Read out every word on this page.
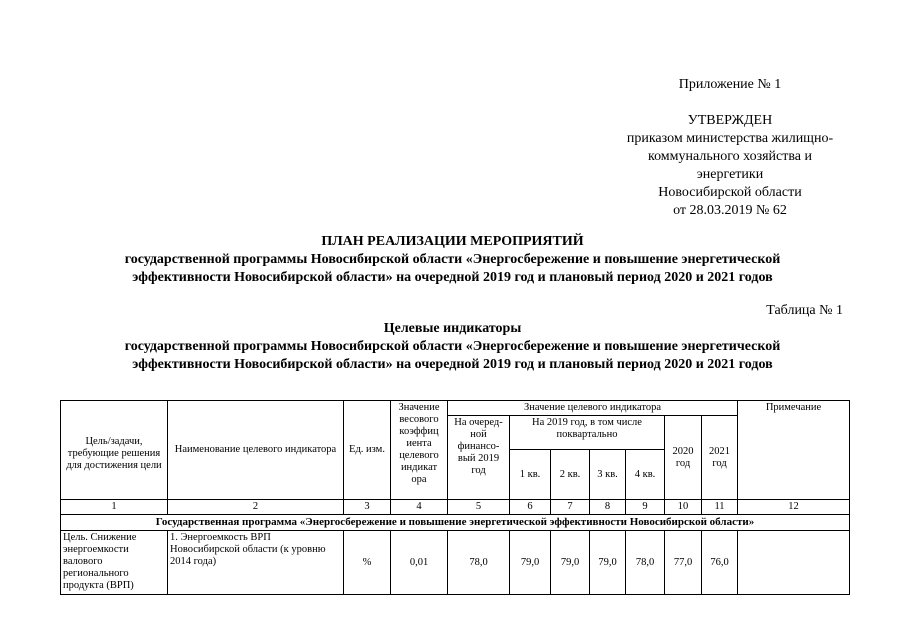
Приложение № 1
УТВЕРЖДЕН
приказом министерства жилищно-
коммунального хозяйства и
энергетики
Новосибирской области
от 28.03.2019 № 62
ПЛАН РЕАЛИЗАЦИИ МЕРОПРИЯТИЙ
государственной программы Новосибирской области «Энергосбережение и повышение энергетической
эффективности Новосибирской области» на очередной 2019 год и плановый период 2020 и 2021 годов
Таблица № 1
Целевые индикаторы
государственной программы Новосибирской области «Энергосбережение и повышение энергетической
эффективности Новосибирской области» на очередной 2019 год и плановый период 2020 и 2021 годов
Цель/задачи, требующие решения для достижения цели	Наименование целевого индикатора	Ед. изм.	Значение весового коэффиц иента целевого индикат ора	Значение целевого индикатора							Примечание
				На очеред- ной финансо- вый 2019 год	На 2019 год, в том числе поквартально				2020 год	2021 год	
					1 кв.	2 кв.	3 кв.	4 кв.			
1	2	3	4	5	6	7	8	9	10	11	12
Государственная программа «Энергосбережение и повышение энергетической эффективности Новосибирской области»											
Цель. Снижение энергоемкости валового регионального продукта (ВРП)	1. Энергоемкость ВРП Новосибирской области (к уровню 2014 года)	%	0,01	78,0	79,0	79,0	79,0	78,0	77,0	76,0	
